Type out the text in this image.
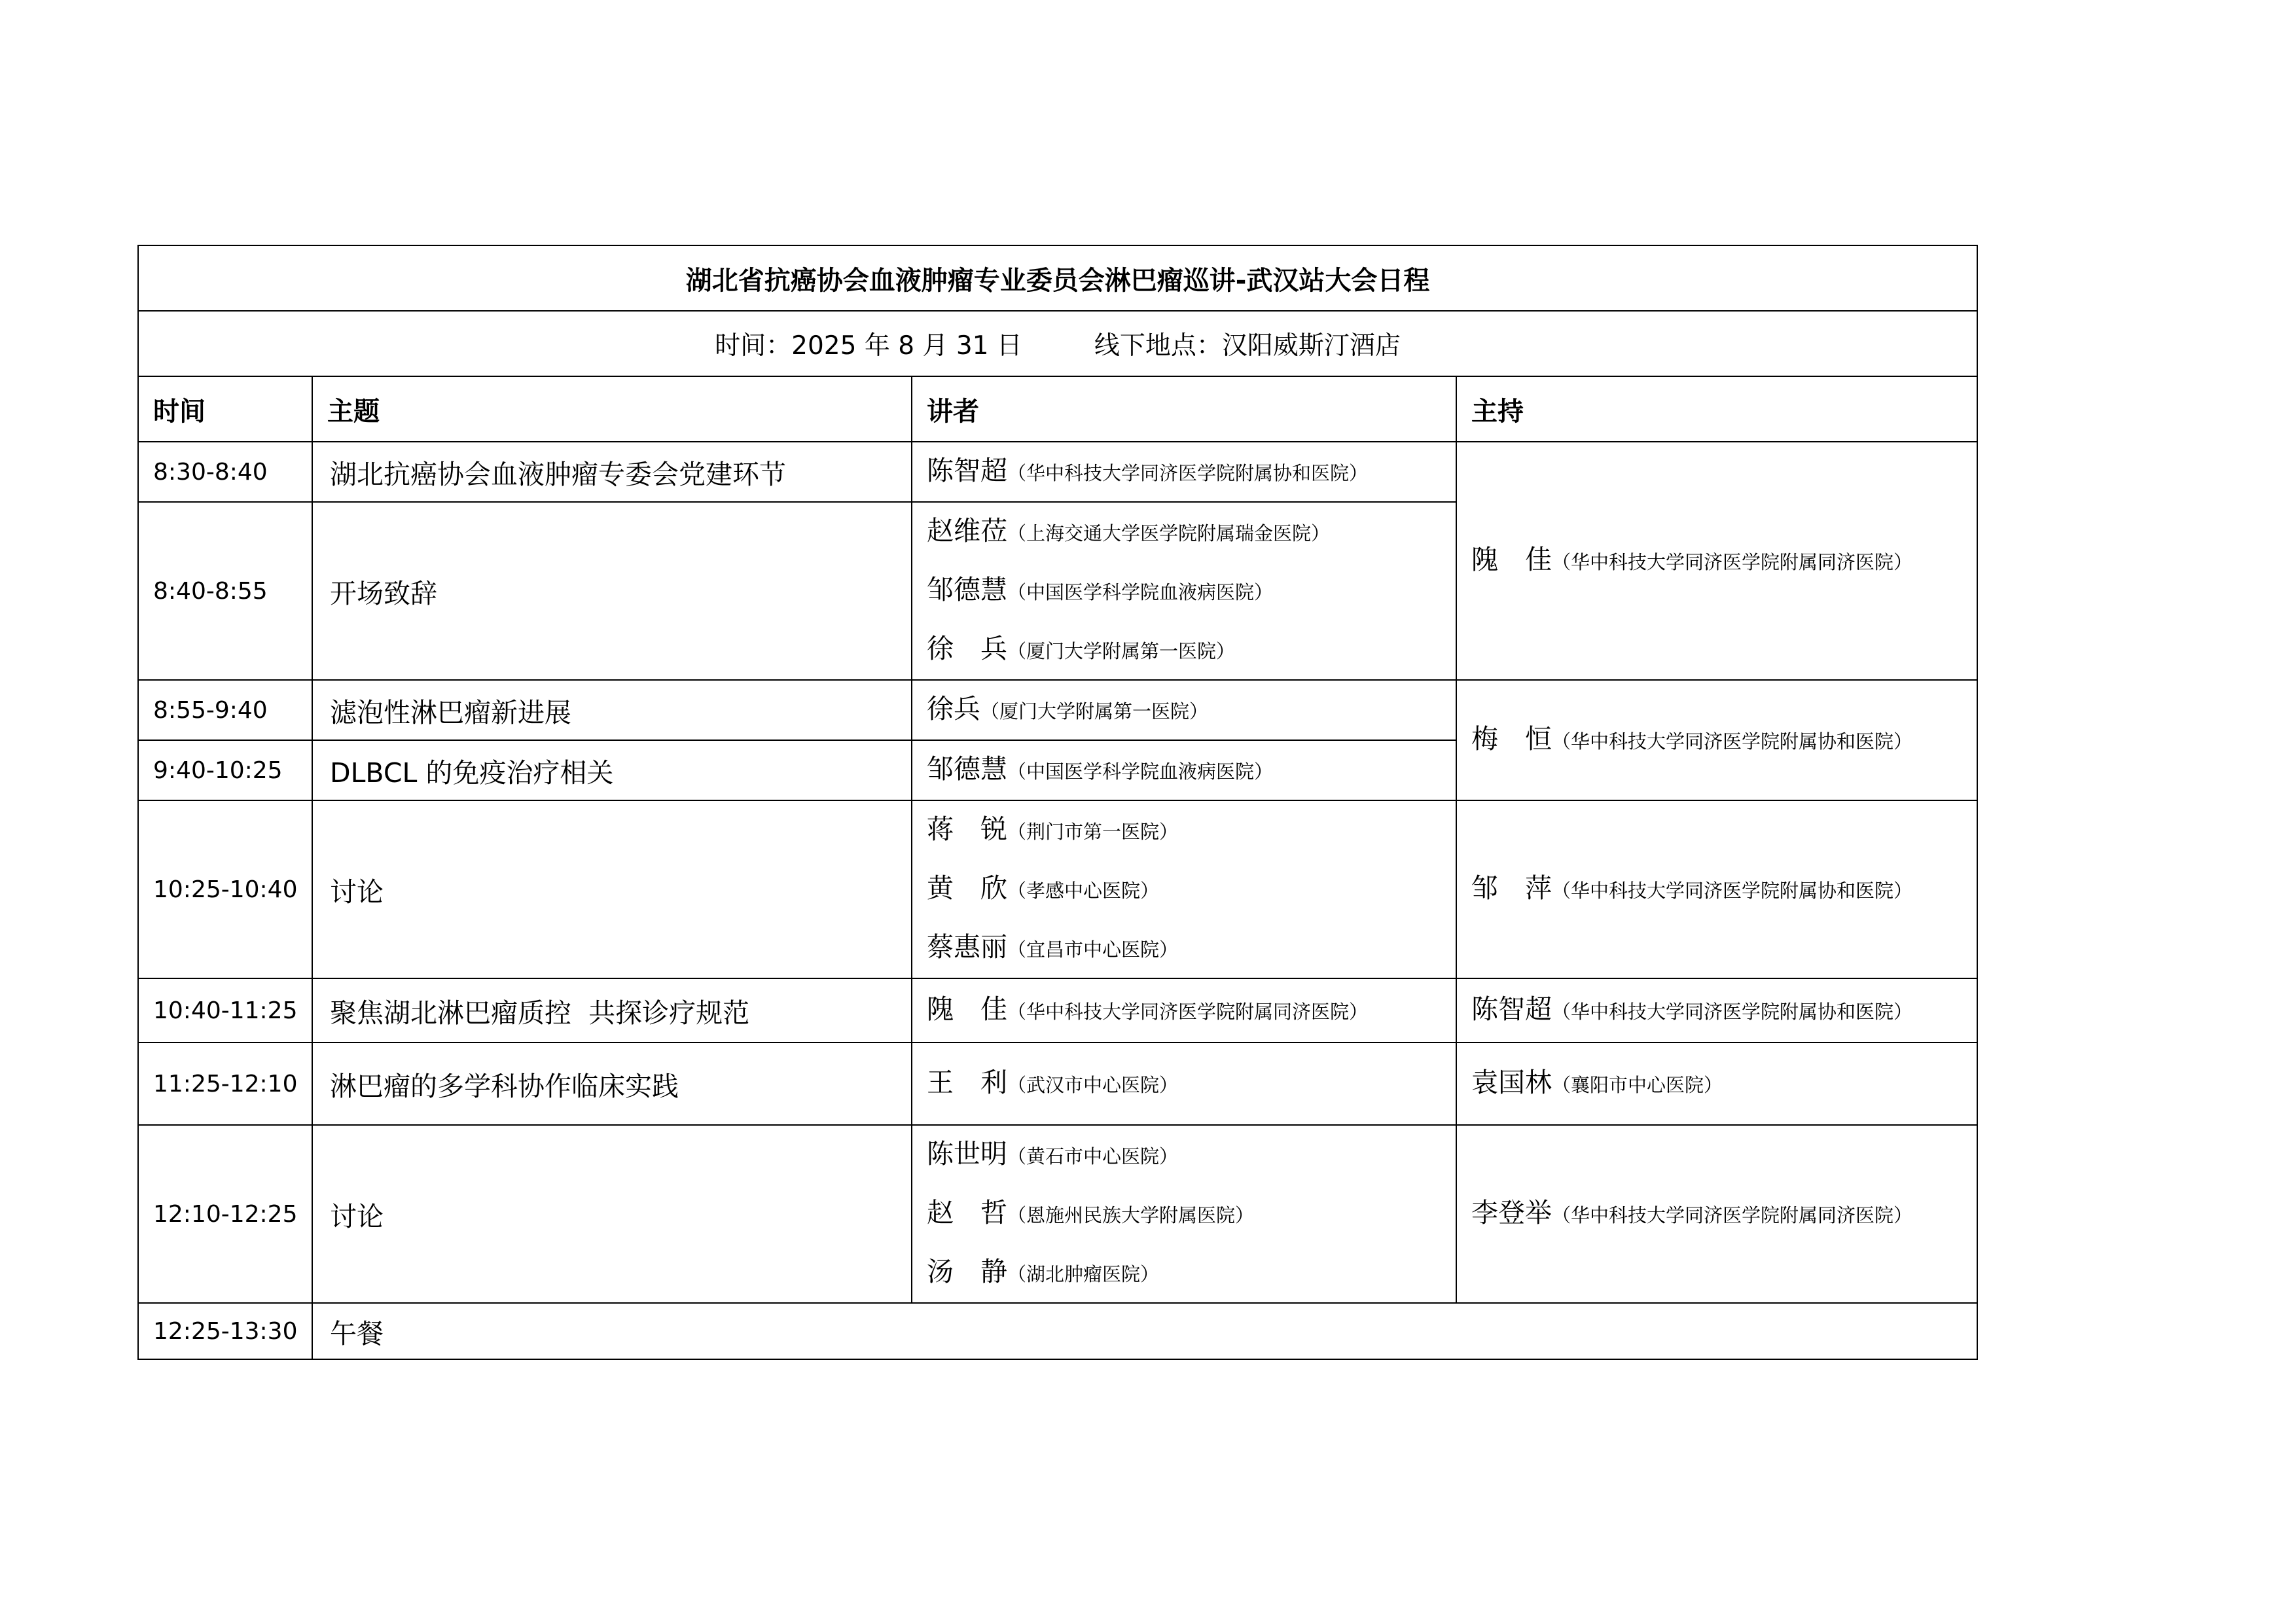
湖北省抗癌协会血液肿瘤专业委员会淋巴瘤巡讲-武汉站大会日程			
时间：2025 年 8 月 31 日 线下地点：汉阳威斯汀酒店			
时间	主题	讲者	主持
8:30-8:40	湖北抗癌协会血液肿瘤专委会党建环节	陈智超（华中科技大学同济医学院附属协和医院）	隗　佳（华中科技大学同济医学院附属同济医院）

8:40-8:55	开场致辞	赵维莅（上海交通大学医学院附属瑞金医院）
邹德慧（中国医学科学院血液病医院）
徐　兵（厦门大学附属第一医院）	

8:55-9:40	滤泡性淋巴瘤新进展	徐兵（厦门大学附属第一医院）	梅　恒（华中科技大学同济医学院附属协和医院）

9:40-10:25	DLBCL 的免疫治疗相关	邹德慧（中国医学科学院血液病医院）	

10:25-10:40	讨论	蒋　锐（荆门市第一医院）
黄　欣（孝感中心医院）
蔡惠丽（宜昌市中心医院）	邹　萍（华中科技大学同济医学院附属协和医院）

10:40-11:25	聚焦湖北淋巴瘤质控  共探诊疗规范	隗　佳（华中科技大学同济医学院附属同济医院）	陈智超（华中科技大学同济医学院附属协和医院）

11:25-12:10	淋巴瘤的多学科协作临床实践	王　利（武汉市中心医院）	袁国林（襄阳市中心医院）

12:10-12:25	讨论	陈世明（黄石市中心医院）
赵　哲（恩施州民族大学附属医院）
汤　静（湖北肿瘤医院）	李登举（华中科技大学同济医学院附属同济医院）

12:25-13:30	午餐		
